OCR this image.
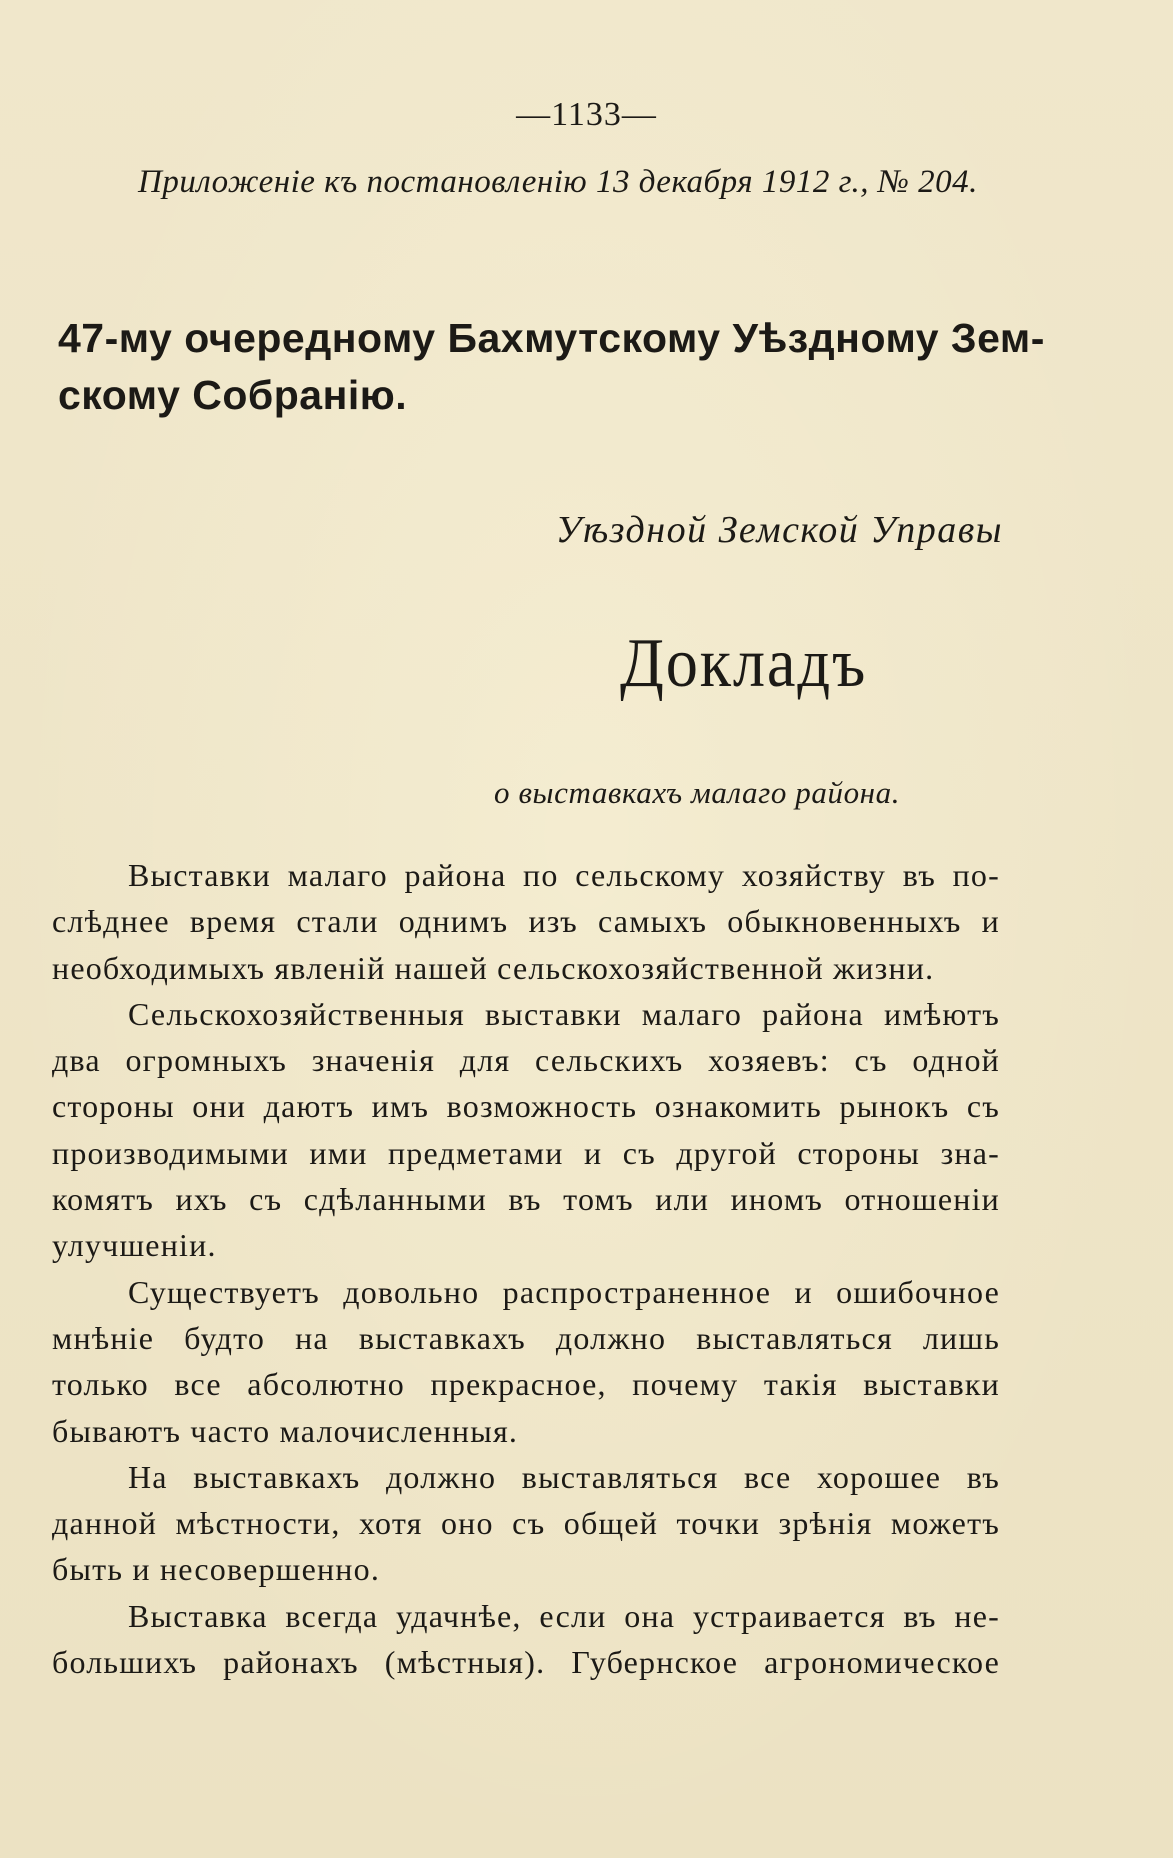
—1133—
Приложенiе къ постановленiю 13 декабря 1912 г., № 204.
47-му очередному Бахмутскому Уѣздному Зем-
скому Собранiю.
Уѣздной Земской Управы
Докладъ
о выставкахъ малаго района.
Выставки малаго района по сельскому хозяйству въ по-
слѣднее время стали однимъ изъ самыхъ обыкновенныхъ и
необходимыхъ явленiй нашей сельскохозяйственной жизни.
Сельскохозяйственныя выставки малаго района имѣютъ
два огромныхъ значенiя для сельскихъ хозяевъ: съ одной
стороны они даютъ имъ возможность ознакомить рынокъ съ
производимыми ими предметами и съ другой стороны зна-
комятъ ихъ съ сдѣланными въ томъ или иномъ отношенiи
улучшенiи.
Существуетъ довольно распространенное и ошибочное
мнѣнiе будто на выставкахъ должно выставляться лишь
только все абсолютно прекрасное, почему такiя выставки
бываютъ часто малочисленныя.
На выставкахъ должно выставляться все хорошее въ
данной мѣстности, хотя оно съ общей точки зрѣнiя можетъ
быть и несовершенно.
Выставка всегда удачнѣе, если она устраивается въ не-
большихъ районахъ (мѣстныя). Губернское агрономическое
